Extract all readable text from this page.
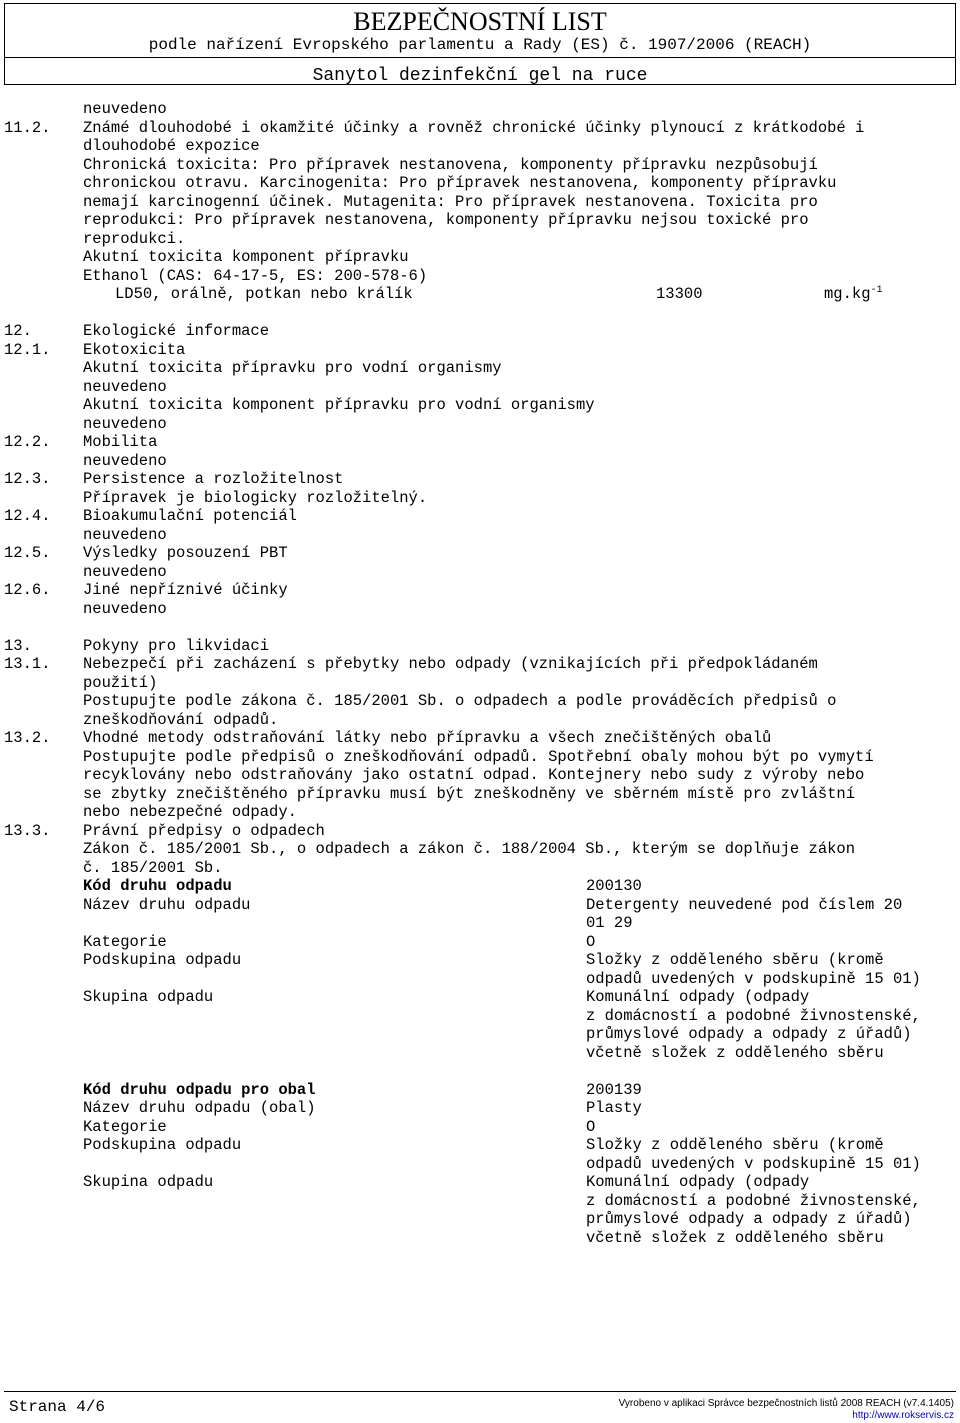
BEZPEČNOSTNÍ LIST
podle nařízení Evropského parlamentu a Rady (ES) č. 1907/2006 (REACH)
Sanytol dezinfekční gel na ruce
neuvedeno
11.2. Známé dlouhodobé i okamžité účinky a rovněž chronické účinky plynoucí z krátkodobé i
dlouhodobé expozice
Chronická toxicita: Pro přípravek nestanovena, komponenty přípravku nezpůsobují
chronickou otravu. Karcinogenita: Pro přípravek nestanovena, komponenty přípravku
nemají karcinogenní účinek. Mutagenita: Pro přípravek nestanovena. Toxicita pro
reprodukci: Pro přípravek nestanovena, komponenty přípravku nejsou toxické pro
reprodukci.
Akutní toxicita komponent přípravku
Ethanol (CAS: 64-17-5, ES: 200-578-6)
LD50, orálně, potkan nebo králík	13300	$mg.kg^{-1}$
12.	Ekologické informace
12.1. Ekotoxicita
Akutní toxicita přípravku pro vodní organismy
neuvedeno
Akutní toxicita komponent přípravku pro vodní organismy
neuvedeno
12.2. Mobilita
neuvedeno
12.3. Persistence a rozložitelnost
Přípravek je biologicky rozložitelný.
12.4. Bioakumulační potenciál
neuvedeno
12.5. Výsledky posouzení PBT
neuvedeno
12.6. Jiné nepříznivé účinky
neuvedeno
13.	Pokyny pro likvidaci
13.1. Nebezpečí při zacházení s přebytky nebo odpady (vznikajících při předpokládaném
použití)
Postupujte podle zákona č. 185/2001 Sb. o odpadech a podle prováděcích předpisů o
zneškodňování odpadů.
13.2. Vhodné metody odstraňování látky nebo přípravku a všech znečištěných obalů
Postupujte podle předpisů o zneškodňování odpadů. Spotřební obaly mohou být po vymytí
recyklovány nebo odstraňovány jako ostatní odpad. Kontejnery nebo sudy z výroby nebo
se zbytky znečištěného přípravku musí být zneškodněny ve sběrném místě pro zvláštní
nebo nebezpečné odpady.
13.3. Právní předpisy o odpadech
Zákon č. 185/2001 Sb., o odpadech a zákon č. 188/2004 Sb., kterým se doplňuje zákon
č. 185/2001 Sb.
Kód druhu odpadu	200130
Název druhu odpadu	Detergenty neuvedené pod číslem 20
01 29
Kategorie	O
Podskupina odpadu	Složky z odděleného sběru (kromě
odpadů uvedených v podskupině 15 01)
Skupina odpadu	Komunální odpady (odpady
z domácností a podobné živnostenské,
průmyslové odpady a odpady z úřadů)
včetně složek z odděleného sběru
Kód druhu odpadu pro obal	200139
Název druhu odpadu (obal)	Plasty
Kategorie	O
Podskupina odpadu	Složky z odděleného sběru (kromě
odpadů uvedených v podskupině 15 01)
Skupina odpadu	Komunální odpady (odpady
z domácností a podobné živnostenské,
průmyslové odpady a odpady z úřadů)
včetně složek z odděleného sběru
Strana 4/6	Vyrobeno v aplikaci Správce bezpečnostních listů 2008 REACH (v7.4.1405)
http://www.rokservis.cz
